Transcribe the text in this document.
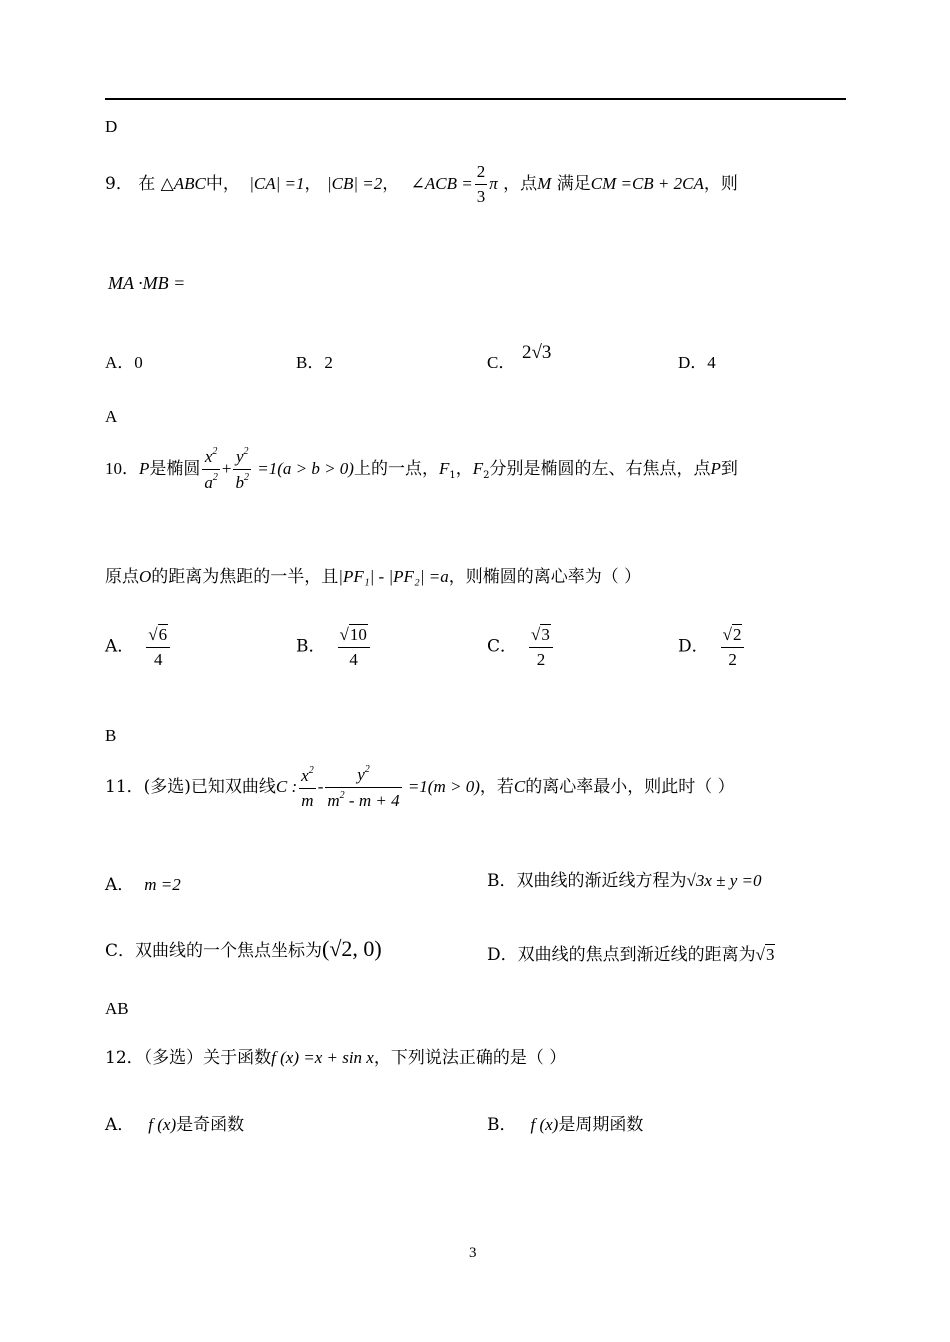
D
9． 在 △ABC中， |CA| =1， |CB| =2， ∠ACB = $\frac{2}{3}$ π ，点M 满足CM =CB + 2CA，则
MA ·MB =
A．0	B．2	C． 2√3	D．4
A
10．P是椭圆 $\frac{x^2}{a^2} + \frac{y^2}{b^2} =1(a > b > 0)$上的一点，$F_1$，$F_2$分别是椭圆的左、右焦点，点P到
原点O的距离为焦距的一半，且|PF₁| - |PF₂| =a，则椭圆的离心率为（ ）
A． $\frac{√6}{4}$	B． $\frac{√10}{4}$	C． $\frac{√3}{2}$	D． $\frac{√2}{2}$
B
11．(多选)已知双曲线C : $\frac{x^2}{m} - \frac{y^2}{m^2 - m + 4} =1(m > 0)$，若C的离心率最小，则此时（ ）
A． m =2	B．双曲线的渐近线方程为√3x ± y =0
C．双曲线的一个焦点坐标为(√2, 0)	D．双曲线的焦点到渐近线的距离为√3
AB
12．（多选）关于函数f (x) =x + sin x，下列说法正确的是（ ）
A． f (x)是奇函数	B． f (x)是周期函数
3
